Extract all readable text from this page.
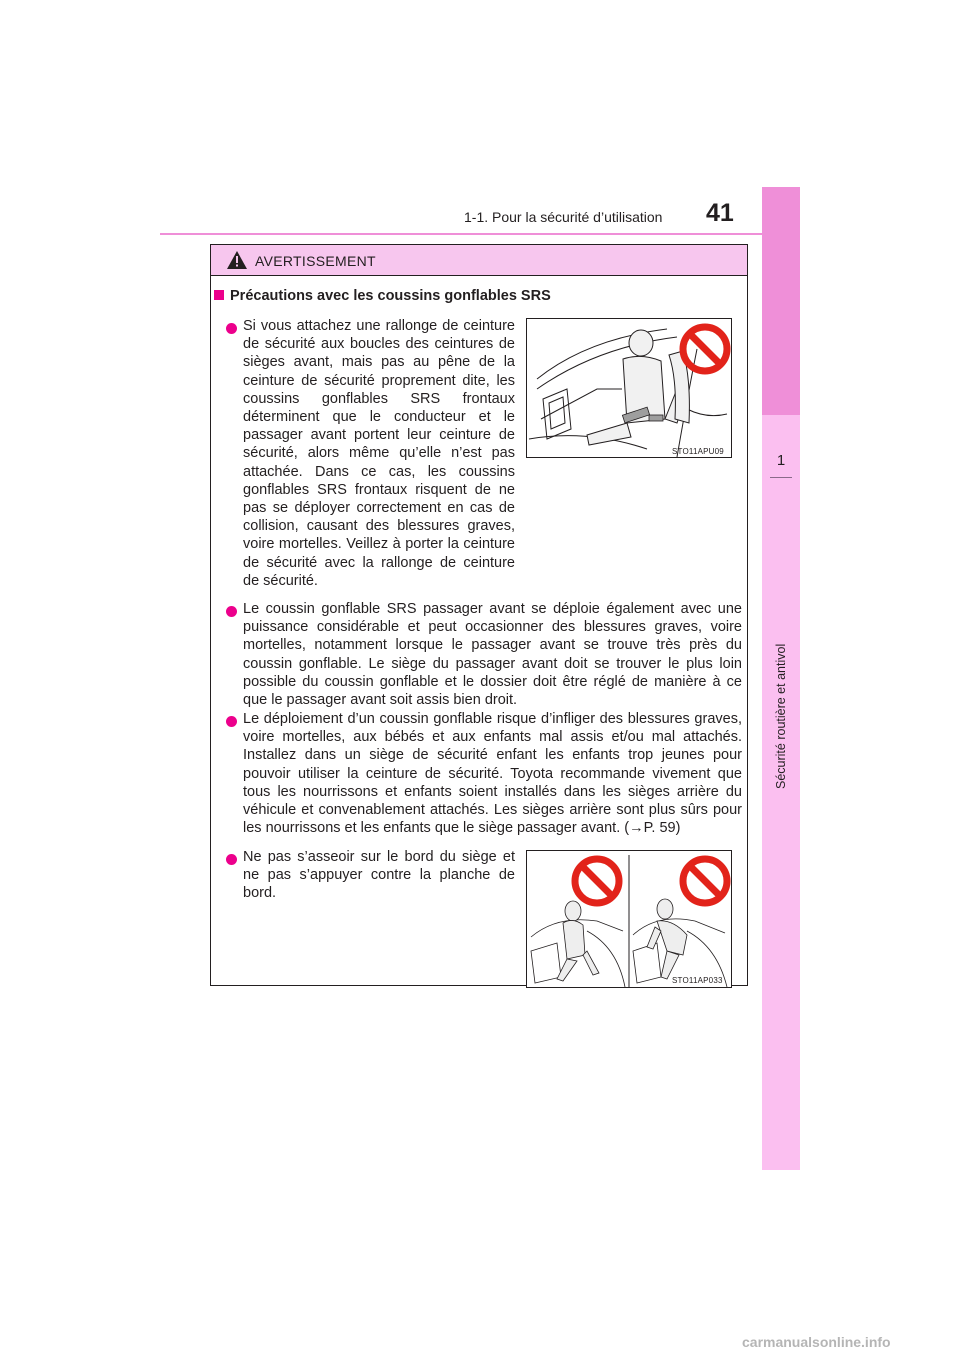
1-1. Pour la sécurité d’utilisation 41
1
Sécurité routière et antivol
AVERTISSEMENT
Précautions avec les coussins gonflables SRS

Si vous attachez une rallonge de ceinture de sécurité aux boucles des ceintures de sièges avant, mais pas au pêne de la ceinture de sécurité proprement dite, les coussins gonflables SRS frontaux déterminent que le conducteur et le passager avant portent leur ceinture de sécurité, alors même qu’elle n’est pas attachée. Dans ce cas, les coussins gonflables SRS frontaux risquent de ne pas se déployer correctement en cas de collision, causant des blessures graves, voire mortelles. Veillez à porter la ceinture de sécurité avec la rallonge de ceinture de sécurité.

STO11APU09

Le coussin gonflable SRS passager avant se déploie également avec une puissance considérable et peut occasionner des blessures graves, voire mortelles, notamment lorsque le passager avant se trouve très près du coussin gonflable. Le siège du passager avant doit se trouver le plus loin possible du coussin gonflable et le dossier doit être réglé de manière à ce que le passager avant soit assis bien droit.

Le déploiement d’un coussin gonflable risque d’infliger des blessures graves, voire mortelles, aux bébés et aux enfants mal assis et/ou mal attachés. Installez dans un siège de sécurité enfant les enfants trop jeunes pour pouvoir utiliser la ceinture de sécurité. Toyota recommande vivement que tous les nourrissons et enfants soient installés dans les sièges arrière du véhicule et convenablement attachés. Les sièges arrière sont plus sûrs pour les nourrissons et les enfants que le siège passager avant. (→P. 59)

Ne pas s’asseoir sur le bord du siège et ne pas s’appuyer contre la planche de bord.

STO11AP033
carmanualsonline.info
